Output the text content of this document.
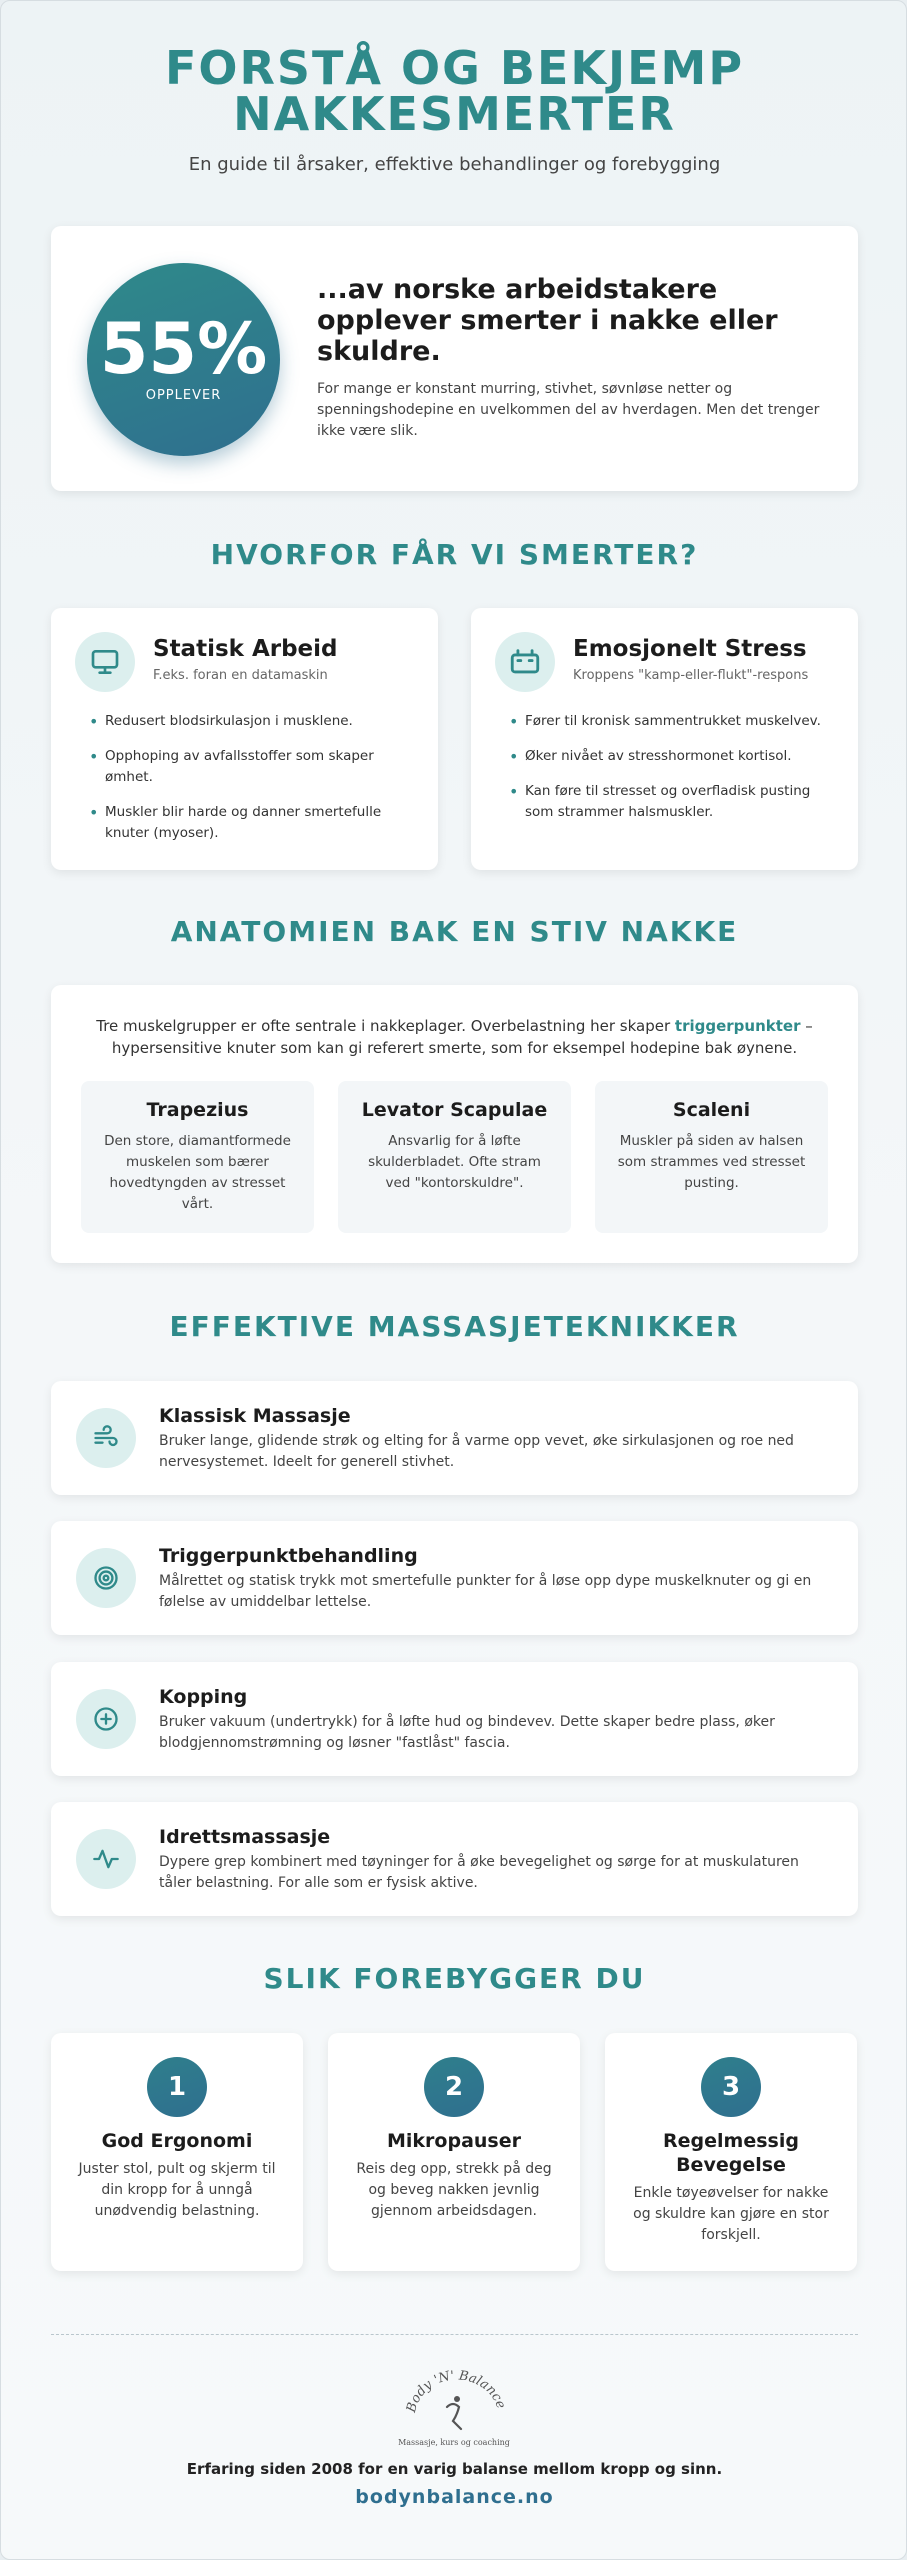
FORSTÅ OG BEKJEMP
NAKKESMERTER
En guide til årsaker, effektive behandlinger og forebygging
55%
OPPLEVER
...av norske arbeidstakere opplever smerter i nakke eller skuldre.
For mange er konstant murring, stivhet, søvnløse netter og spenningshodepine en uvelkommen del av hverdagen. Men det trenger ikke være slik.
HVORFOR FÅR VI SMERTER?
Statisk Arbeid
F.eks. foran en datamaskin
• Redusert blodsirkulasjon i musklene.
• Opphoping av avfallsstoffer som skaper ømhet.
• Muskler blir harde og danner smertefulle knuter (myoser).
Emosjonelt Stress
Kroppens "kamp-eller-flukt"-respons
• Fører til kronisk sammentrukket muskelvev.
• Øker nivået av stresshormonet kortisol.
• Kan føre til stresset og overfladisk pusting som strammer halsmuskler.
ANATOMIEN BAK EN STIV NAKKE
Tre muskelgrupper er ofte sentrale i nakkeplager. Overbelastning her skaper triggerpunkter – hypersensitive knuter som kan gi referert smerte, som for eksempel hodepine bak øynene.
Trapezius
Den store, diamantformede muskelen som bærer hovedtyngden av stresset vårt.
Levator Scapulae
Ansvarlig for å løfte skulderbladet. Ofte stram ved "kontorskuldre".
Scaleni
Muskler på siden av halsen som strammes ved stresset pusting.
EFFEKTIVE MASSASJETEKNIKKER
Klassisk Massasje
Bruker lange, glidende strøk og elting for å varme opp vevet, øke sirkulasjonen og roe ned nervesystemet. Ideelt for generell stivhet.
Triggerpunktbehandling
Målrettet og statisk trykk mot smertefulle punkter for å løse opp dype muskelknuter og gi en følelse av umiddelbar lettelse.
Kopping
Bruker vakuum (undertrykk) for å løfte hud og bindevev. Dette skaper bedre plass, øker blodgjennomstrømning og løsner "fastlåst" fascia.
Idrettsmassasje
Dypere grep kombinert med tøyninger for å øke bevegelighet og sørge for at muskulaturen tåler belastning. For alle som er fysisk aktive.
SLIK FOREBYGGER DU
1
God Ergonomi
Juster stol, pult og skjerm til din kropp for å unngå unødvendig belastning.
2
Mikropauser
Reis deg opp, strekk på deg og beveg nakken jevnlig gjennom arbeidsdagen.
3
Regelmessig Bevegelse
Enkle tøyeøvelser for nakke og skuldre kan gjøre en stor forskjell.
Body 'N' Balance
Massasje, kurs og coaching
Erfaring siden 2008 for en varig balanse mellom kropp og sinn.
bodynbalance.no
